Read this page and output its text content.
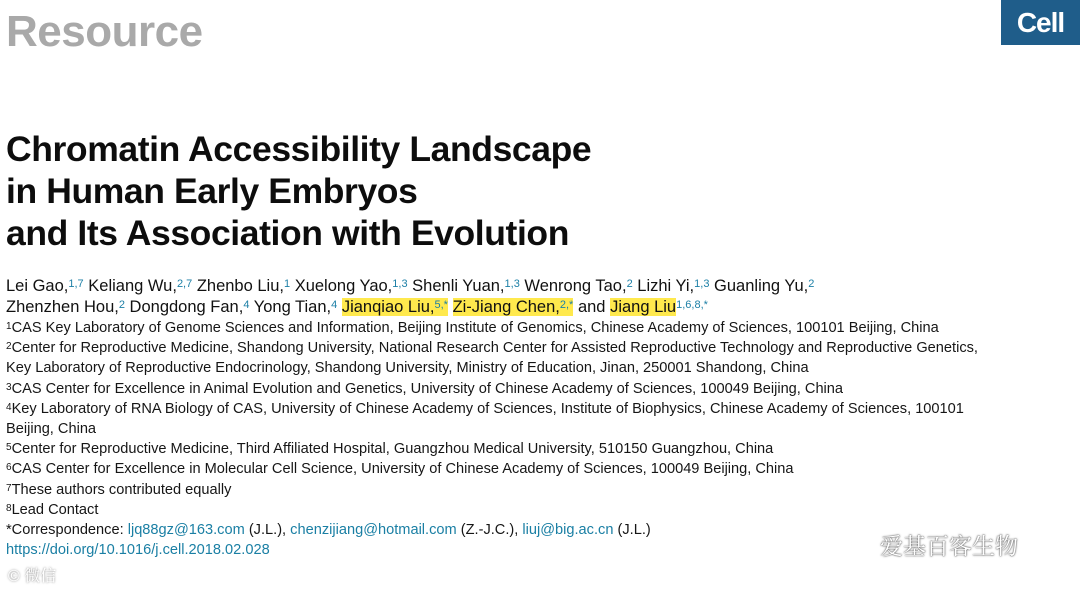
Resource	Cell
Chromatin Accessibility Landscape
in Human Early Embryos
and Its Association with Evolution
Lei Gao,$^{1,7}$ Keliang Wu,$^{2,7}$ Zhenbo Liu,$^1$ Xuelong Yao,$^{1,3}$ Shenli Yuan,$^{1,3}$ Wenrong Tao,$^2$ Lizhi Yi,$^{1,3}$ Guanling Yu,$^2$
Zhenzhen Hou,$^2$ Dongdong Fan,$^4$ Yong Tian,$^4$ Jianqiao Liu,$^{5,*}$ Zi-Jiang Chen,$^{2,*}$ and Jiang Liu$^{1,6,8,*}$

$^1$CAS Key Laboratory of Genome Sciences and Information, Beijing Institute of Genomics, Chinese Academy of Sciences, 100101 Beijing, China

$^2$Center for Reproductive Medicine, Shandong University, National Research Center for Assisted Reproductive Technology and Reproductive Genetics, Key Laboratory of Reproductive Endocrinology, Shandong University, Ministry of Education, Jinan, 250001 Shandong, China

$^3$CAS Center for Excellence in Animal Evolution and Genetics, University of Chinese Academy of Sciences, 100049 Beijing, China

$^4$Key Laboratory of RNA Biology of CAS, University of Chinese Academy of Sciences, Institute of Biophysics, Chinese Academy of Sciences, 100101 Beijing, China

$^5$Center for Reproductive Medicine, Third Affiliated Hospital, Guangzhou Medical University, 510150 Guangzhou, China

$^6$CAS Center for Excellence in Molecular Cell Science, University of Chinese Academy of Sciences, 100049 Beijing, China

$^7$These authors contributed equally

$^8$Lead Contact

*Correspondence: ljq88gz@163.com (J.L.), chenzijiang@hotmail.com (Z.-J.C.), liuj@big.ac.cn (J.L.)

https://doi.org/10.1016/j.cell.2018.02.028	爱基百客生物
© 微信
